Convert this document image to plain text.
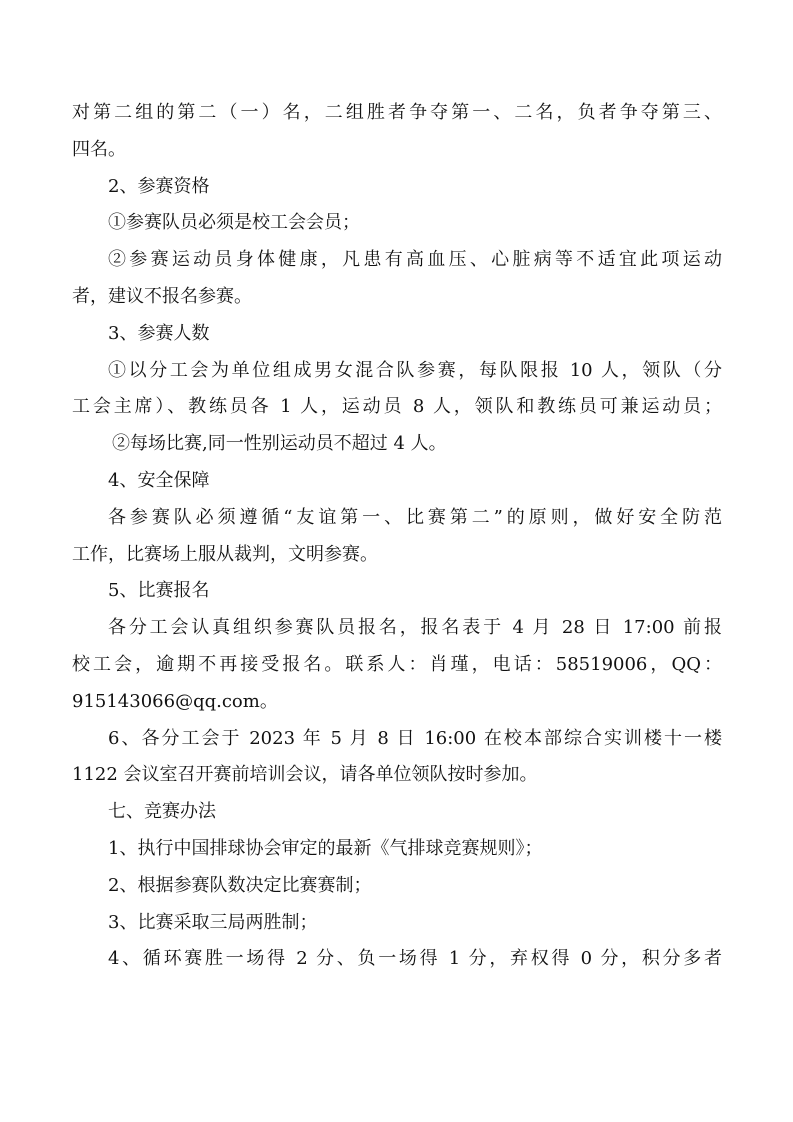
对第二组的第二（一）名，二组胜者争夺第一、二名，负者争夺第三、
四名。
2、参赛资格
①参赛队员必须是校工会会员；
②参赛运动员身体健康，凡患有高血压、心脏病等不适宜此项运动
者，建议不报名参赛。
3、参赛人数
①以分工会为单位组成男女混合队参赛，每队限报 10 人，领队（分
工会主席）、教练员各 1 人，运动员 8 人，领队和教练员可兼运动员；
②每场比赛,同一性别运动员不超过 4 人。
4、安全保障
各参赛队必须遵循“友谊第一、比赛第二”的原则，做好安全防范
工作，比赛场上服从裁判，文明参赛。
5、比赛报名
各分工会认真组织参赛队员报名，报名表于 4 月 28 日 17:00 前报
校工会，逾期不再接受报名。联系人：肖瑾，电话：58519006，QQ：
915143066@qq.com。
6、各分工会于 2023 年 5 月 8 日 16:00 在校本部综合实训楼十一楼
1122 会议室召开赛前培训会议，请各单位领队按时参加。
七、竞赛办法
1、执行中国排球协会审定的最新《气排球竞赛规则》；
2、根据参赛队数决定比赛赛制；
3、比赛采取三局两胜制；
4、循环赛胜一场得 2 分、负一场得 1 分，弃权得 0 分，积分多者
